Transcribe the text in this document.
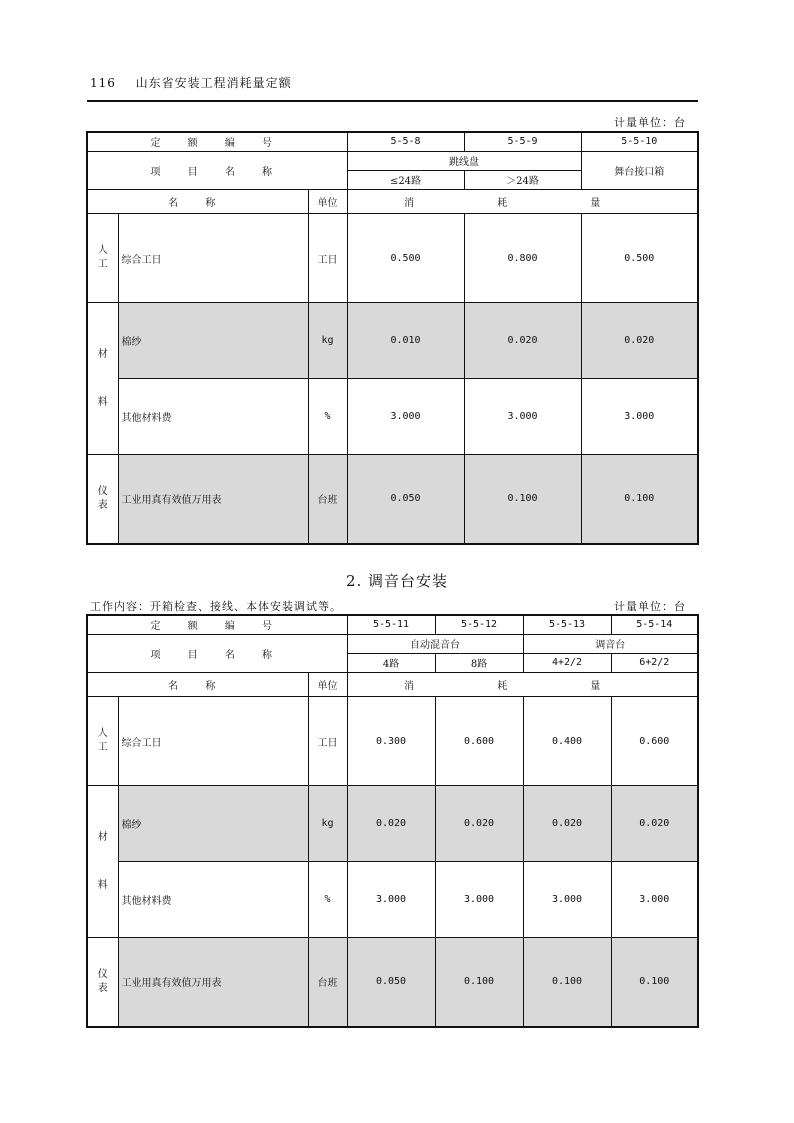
116 山东省安装工程消耗量定额
计量单位：台
定 额 编 号			5-5-8	5-5-9	5-5-10
项 目 名 称			跳线盘		舞台接口箱
			≤24路	＞24路	
名 称		单位	消 耗 量		
人工	综合工日	工日	0.500	0.800	0.500
材料	棉纱	kg	0.010	0.020	0.020
	其他材料费	%	3.000	3.000	3.000
仪表	工业用真有效值万用表	台班	0.050	0.100	0.100
2. 调音台安装
工作内容：开箱检查、接线、本体安装调试等。	计量单位：台
定 额 编 号			5-5-11	5-5-12	5-5-13	5-5-14
项 目 名 称			自动混音台		调音台	
			4路	8路	4+2/2	6+2/2
名 称		单位	消 耗 量			
人工	综合工日	工日	0.300	0.600	0.400	0.600
材料	棉纱	kg	0.020	0.020	0.020	0.020
	其他材料费	%	3.000	3.000	3.000	3.000
仪表	工业用真有效值万用表	台班	0.050	0.100	0.100	0.100
